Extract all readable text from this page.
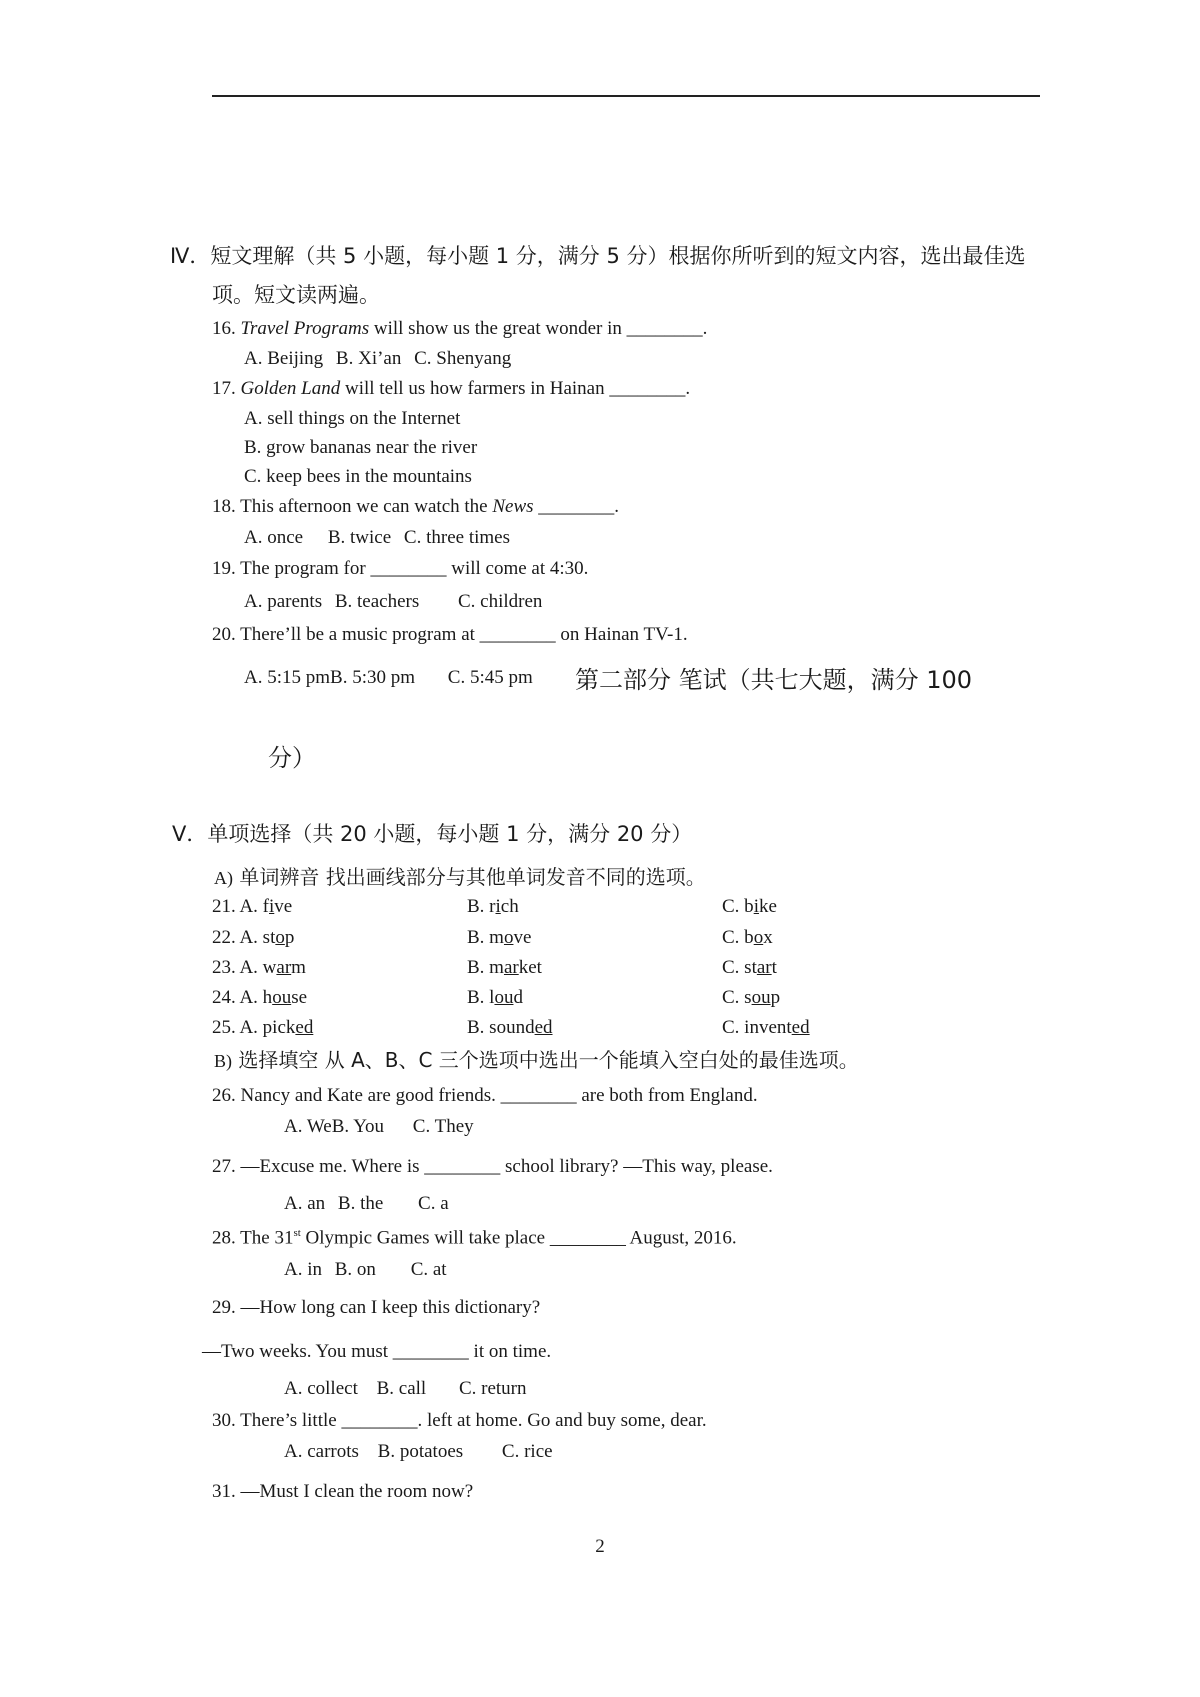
Ⅳ．短文理解（共 5 小题，每小题 1 分，满分 5 分）根据你所听到的短文内容，选出最佳选
项。短文读两遍。
16. Travel Programs will show us the great wonder in ________.
A. Beijing B. Xi’an C. Shenyang
17. Golden Land will tell us how farmers in Hainan ________.
A. sell things on the Internet
B. grow bananas near the river
C. keep bees in the mountains
18. This afternoon we can watch the News ________.
A. once B. twice C. three times
19. The program for ________ will come at 4:30.
A. parents B. teachers C. children
20. There’ll be a music program at ________ on Hainan TV-1.
A. 5:15 pmB. 5:30 pm C. 5:45 pm 第二部分 笔试（共七大题，满分 100
分）
Ⅴ．单项选择（共 20 小题，每小题 1 分，满分 20 分）
A) 单词辨音 找出画线部分与其他单词发音不同的选项。
21. A. five	B. rich	C. bike
22. A. stop	B. move	C. box
23. A. warm	B. market	C. start
24. A. house	B. loud	C. soup
25. A. picked	B. sounded	C. invented
B) 选择填空 从 A、B、C 三个选项中选出一个能填入空白处的最佳选项。
26. Nancy and Kate are good friends. ________ are both from England.
A. WeB. You C. They
27. —Excuse me. Where is ________ school library? —This way, please.
A. an B. the C. a
28. The 31st Olympic Games will take place ________ August, 2016.
A. in B. on C. at
29. —How long can I keep this dictionary?
—Two weeks. You must ________ it on time.
A. collect B. call C. return
30. There’s little ________. left at home. Go and buy some, dear.
A. carrots B. potatoes C. rice
31. —Must I clean the room now?
2
